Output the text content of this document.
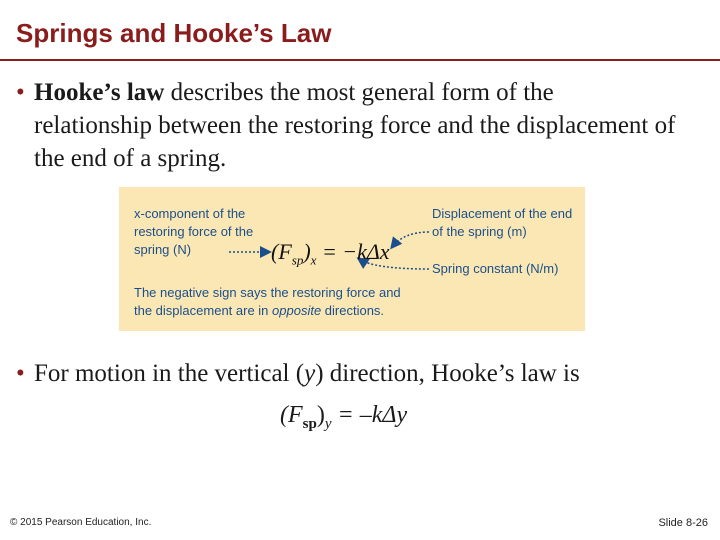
Springs and Hooke’s Law
• Hooke’s law describes the most general form of the relationship between the restoring force and the displacement of the end of a spring.
x-component of the restoring force of the spring (N)
Displacement of the end of the spring (m)
Spring constant (N/m)
$(F_{sp})_x = -k\Delta x$
The negative sign says the restoring force and
the displacement are in opposite directions.
• For motion in the vertical (y) direction, Hooke’s law is
$(F_{sp})_y = -k\Delta y$
© 2015 Pearson Education, Inc.	Slide 8-26
